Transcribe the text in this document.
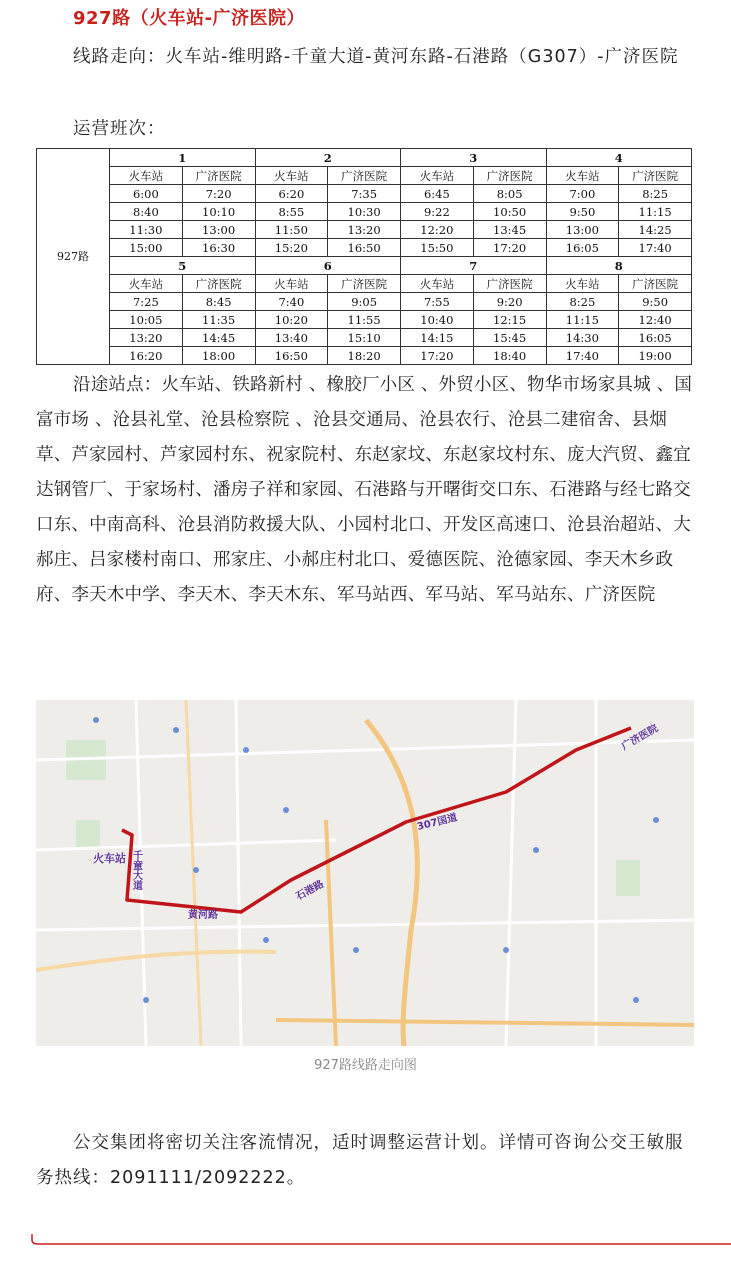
927路（火车站-广济医院）
线路走向：火车站-维明路-千童大道-黄河东路-石港路（G307）-广济医院
运营班次：
927路	1		2		3		4	
	火车站	广济医院	火车站	广济医院	火车站	广济医院	火车站	广济医院
	6:00	7:20	6:20	7:35	6:45	8:05	7:00	8:25
	8:40	10:10	8:55	10:30	9:22	10:50	9:50	11:15
	11:30	13:00	11:50	13:20	12:20	13:45	13:00	14:25
	15:00	16:30	15:20	16:50	15:50	17:20	16:05	17:40
	5		6		7		8	
	火车站	广济医院	火车站	广济医院	火车站	广济医院	火车站	广济医院
	7:25	8:45	7:40	9:05	7:55	9:20	8:25	9:50
	10:05	11:35	10:20	11:55	10:40	12:15	11:15	12:40
	13:20	14:45	13:40	15:10	14:15	15:45	14:30	16:05
	16:20	18:00	16:50	18:20	17:20	18:40	17:40	19:00
沿途站点：火车站、铁路新村 、橡胶厂小区 、外贸小区、物华市场家具城 、国富市场 、沧县礼堂、沧县检察院 、沧县交通局、沧县农行、沧县二建宿舍、县烟草、芦家园村、芦家园村东、祝家院村、东赵家坟、东赵家坟村东、庞大汽贸、鑫宜达钢管厂、于家场村、潘房子祥和家园、石港路与开曙街交口东、石港路与经七路交口东、中南高科、沧县消防救援大队、小园村北口、开发区高速口、沧县治超站、大郝庄、吕家楼村南口、邢家庄、小郝庄村北口、爱德医院、沧德家园、李天木乡政府、李天木中学、李天木、李天木东、军马站西、军马站、军马站东、广济医院
火车站 千童大道
黄河路
石港路
307国道
广济医院
927路线路走向图
公交集团将密切关注客流情况，适时调整运营计划。详情可咨询公交王敏服务热线：2091111/2092222。
